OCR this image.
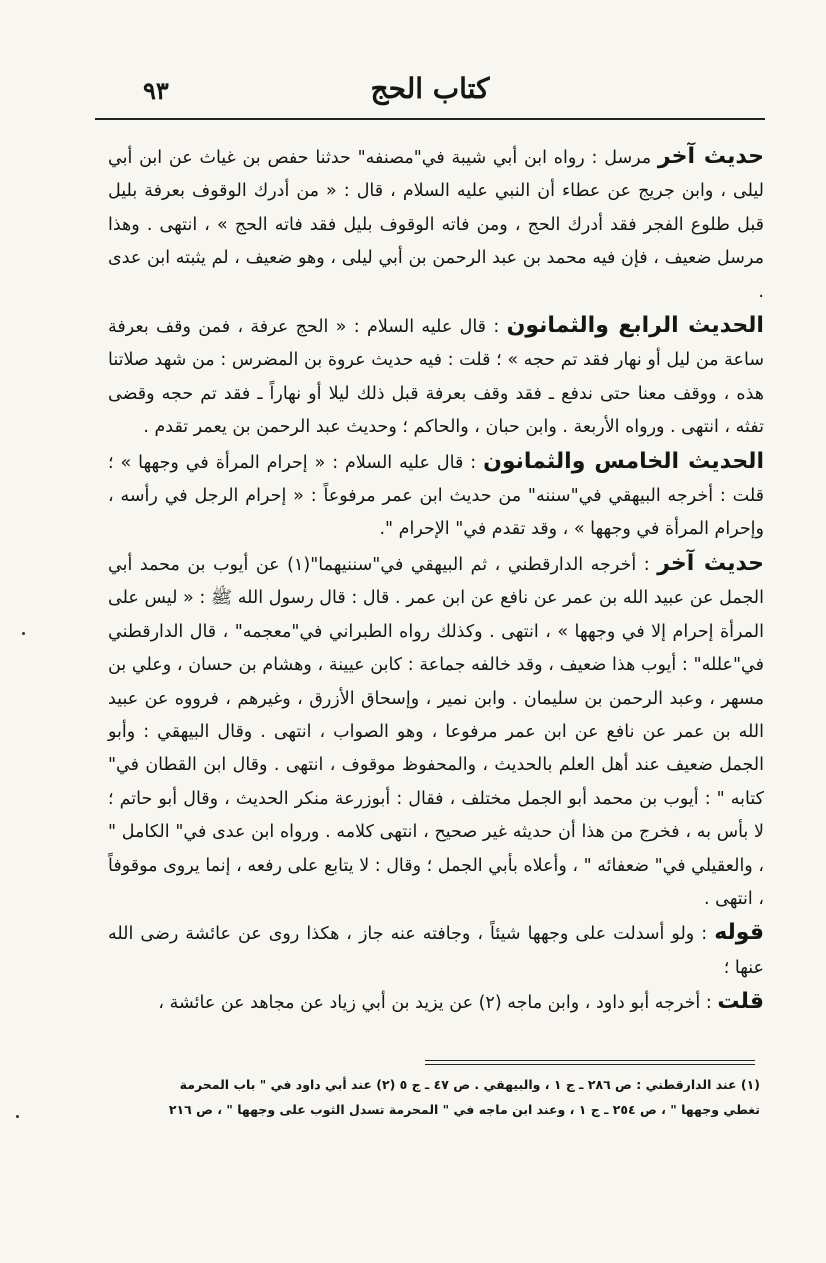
٩٣	كتاب الحج

حديث آخر مرسل : رواه ابن أبي شيبة في"مصنفه" حدثنا حفص بن غياث عن ابن أبي ليلى ، وابن جريج عن عطاء أن النبي عليه السلام ، قال : « من أدرك الوقوف بعرفة بليل قبل طلوع الفجر فقد أدرك الحج ، ومن فاته الوقوف بليل فقد فاته الحج » ، انتهى . وهذا مرسل ضعيف ، فإن فيه محمد بن عبد الرحمن بن أبي ليلى ، وهو ضعيف ، لم يثبته ابن عدى .

الحديث الرابع والثمانون : قال عليه السلام : « الحج عرفة ، فمن وقف بعرفة ساعة من ليل أو نهار فقد تم حجه » ؛ قلت : فيه حديث عروة بن المضرس : من شهد صلاتنا هذه ، ووقف معنا حتى ندفع ـ فقد وقف بعرفة قبل ذلك ليلا أو نهاراً ـ فقد تم حجه وقضى تفثه ، انتهى . ورواه الأربعة . وابن حبان ، والحاكم ؛ وحديث عبد الرحمن بن يعمر تقدم .

الحديث الخامس والثمانون : قال عليه السلام : « إحرام المرأة في وجهها » ؛ قلت : أخرجه البيهقي في"سننه" من حديث ابن عمر مرفوعاً : « إحرام الرجل في رأسه ، وإحرام المرأة في وجهها » ، وقد تقدم في" الإحرام ".

حديث آخر : أخرجه الدارقطني ، ثم البيهقي في"سننيهما"(١) عن أيوب بن محمد أبي الجمل عن عبيد الله بن عمر عن نافع عن ابن عمر . قال : قال رسول الله ﷺ : « ليس على المرأة إحرام إلا في وجهها » ، انتهى . وكذلك رواه الطبراني في"معجمه" ، قال الدارقطني في"علله" : أيوب هذا ضعيف ، وقد خالفه جماعة : كابن عيينة ، وهشام بن حسان ، وعلي بن مسهر ، وعبد الرحمن بن سليمان . وابن نمير ، وإسحاق الأزرق ، وغيرهم ، فرووه عن عبيد الله بن عمر عن نافع عن ابن عمر مرفوعا ، وهو الصواب ، انتهى . وقال البيهقي : وأبو الجمل ضعيف عند أهل العلم بالحديث ، والمحفوظ موقوف ، انتهى . وقال ابن القطان في" كتابه " : أيوب بن محمد أبو الجمل مختلف ، فقال : أبوزرعة منكر الحديث ، وقال أبو حاتم ؛ لا بأس به ، فخرج من هذا أن حديثه غير صحيح ، انتهى كلامه . ورواه ابن عدى في" الكامل " ، والعقيلي في" ضعفائه " ، وأعلاه بأبي الجمل ؛ وقال : لا يتابع على رفعه ، إنما يروى موقوفاً ، انتهى .

قوله : ولو أسدلت على وجهها شيئاً ، وجافته عنه جاز ، هكذا روى عن عائشة رضى الله عنها ؛

قلت : أخرجه أبو داود ، وابن ماجه (٢) عن يزيد بن أبي زياد عن مجاهد عن عائشة ،

(١) عند الدارقطني : ص ٢٨٦ ـ ج ١ ، والبيهقي . ص ٤٧ ـ ج ٥ (٢) عند أبي داود في " باب المحرمة
تغطي وجهها " ، ص ٢٥٤ ـ ج ١ ، وعند ابن ماجه في " المحرمة تسدل الثوب على وجهها " ، ص ٢١٦
